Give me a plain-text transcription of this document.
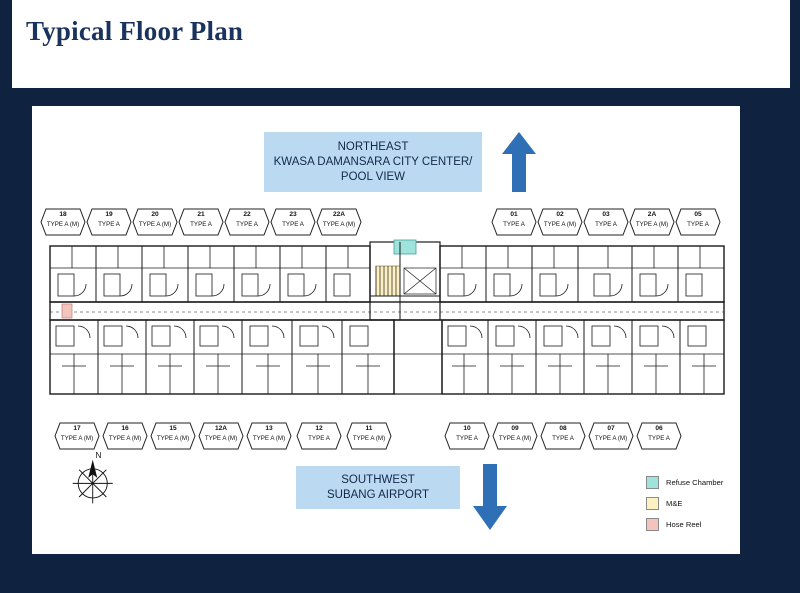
Typical Floor Plan
NORTHEAST
KWASA DAMANSARA CITY CENTER/
POOL VIEW
18
TYPE A (M)
19
TYPE A
20
TYPE A (M)
21
TYPE A
22
TYPE A
23
TYPE A
22A
TYPE A (M)
01
TYPE A
02
TYPE A (M)
03
TYPE A
2A
TYPE A (M)
05
TYPE A
17
TYPE A (M)
16
TYPE A (M)
15
TYPE A (M)
12A
TYPE A (M)
13
TYPE A (M)
12
TYPE A
11
TYPE A (M)
10
TYPE A
09
TYPE A (M)
08
TYPE A
07
TYPE A (M)
06
TYPE A
SOUTHWEST
SUBANG AIRPORT
N
Refuse Chamber
M&E
Hose Reel
